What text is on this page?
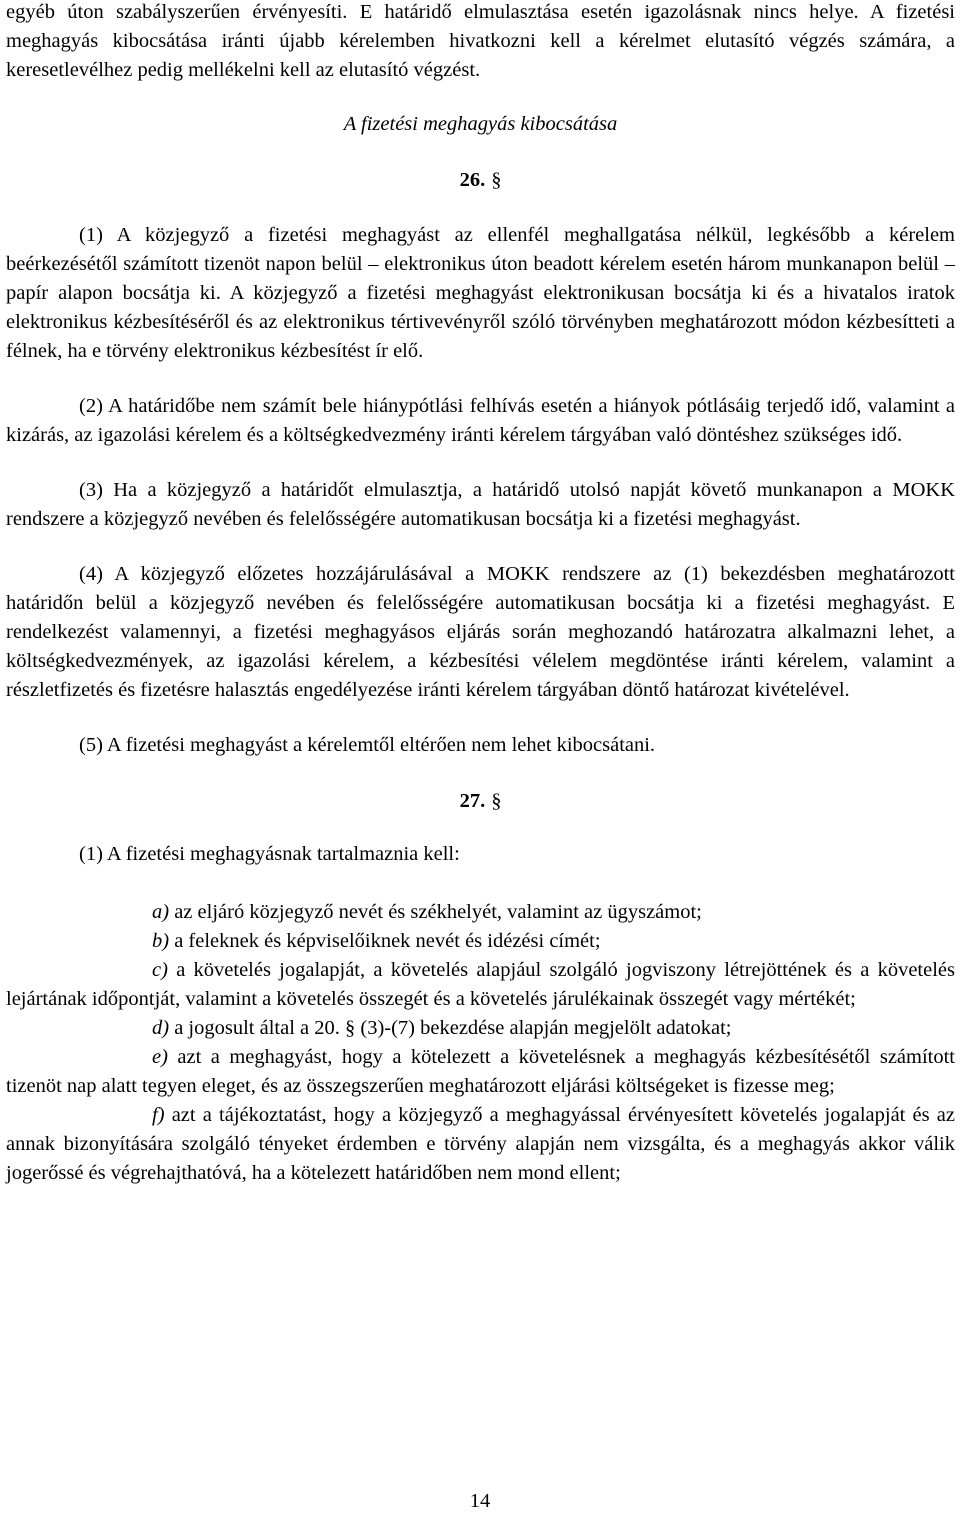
egyéb úton szabályszerűen érvényesíti. E határidő elmulasztása esetén igazolásnak nincs helye. A fizetési meghagyás kibocsátása iránti újabb kérelemben hivatkozni kell a kérelmet elutasító végzés számára, a keresetlevélhez pedig mellékelni kell az elutasító végzést.

A fizetési meghagyás kibocsátása

26. §

(1) A közjegyző a fizetési meghagyást az ellenfél meghallgatása nélkül, legkésőbb a kérelem beérkezésétől számított tizenöt napon belül – elektronikus úton beadott kérelem esetén három munkanapon belül – papír alapon bocsátja ki. A közjegyző a fizetési meghagyást elektronikusan bocsátja ki és a hivatalos iratok elektronikus kézbesítéséről és az elektronikus tértivevényről szóló törvényben meghatározott módon kézbesítteti a félnek, ha e törvény elektronikus kézbesítést ír elő.

(2) A határidőbe nem számít bele hiánypótlási felhívás esetén a hiányok pótlásáig terjedő idő, valamint a kizárás, az igazolási kérelem és a költségkedvezmény iránti kérelem tárgyában való döntéshez szükséges idő.

(3) Ha a közjegyző a határidőt elmulasztja, a határidő utolsó napját követő munkanapon a MOKK rendszere a közjegyző nevében és felelősségére automatikusan bocsátja ki a fizetési meghagyást.

(4) A közjegyző előzetes hozzájárulásával a MOKK rendszere az (1) bekezdésben meghatározott határidőn belül a közjegyző nevében és felelősségére automatikusan bocsátja ki a fizetési meghagyást. E rendelkezést valamennyi, a fizetési meghagyásos eljárás során meghozandó határozatra alkalmazni lehet, a költségkedvezmények, az igazolási kérelem, a kézbesítési vélelem megdöntése iránti kérelem, valamint a részletfizetés és fizetésre halasztás engedélyezése iránti kérelem tárgyában döntő határozat kivételével.

(5) A fizetési meghagyást a kérelemtől eltérően nem lehet kibocsátani.

27. §

(1) A fizetési meghagyásnak tartalmaznia kell:

a) az eljáró közjegyző nevét és székhelyét, valamint az ügyszámot;

b) a feleknek és képviselőiknek nevét és idézési címét;

c) a követelés jogalapját, a követelés alapjául szolgáló jogviszony létrejöttének és a követelés lejártának időpontját, valamint a követelés összegét és a követelés járulékainak összegét vagy mértékét;

d) a jogosult által a 20. § (3)-(7) bekezdése alapján megjelölt adatokat;

e) azt a meghagyást, hogy a kötelezett a követelésnek a meghagyás kézbesítésétől számított tizenöt nap alatt tegyen eleget, és az összegszerűen meghatározott eljárási költségeket is fizesse meg;

f) azt a tájékoztatást, hogy a közjegyző a meghagyással érvényesített követelés jogalapját és az annak bizonyítására szolgáló tényeket érdemben e törvény alapján nem vizsgálta, és a meghagyás akkor válik jogerőssé és végrehajthatóvá, ha a kötelezett határidőben nem mond ellent;

14
